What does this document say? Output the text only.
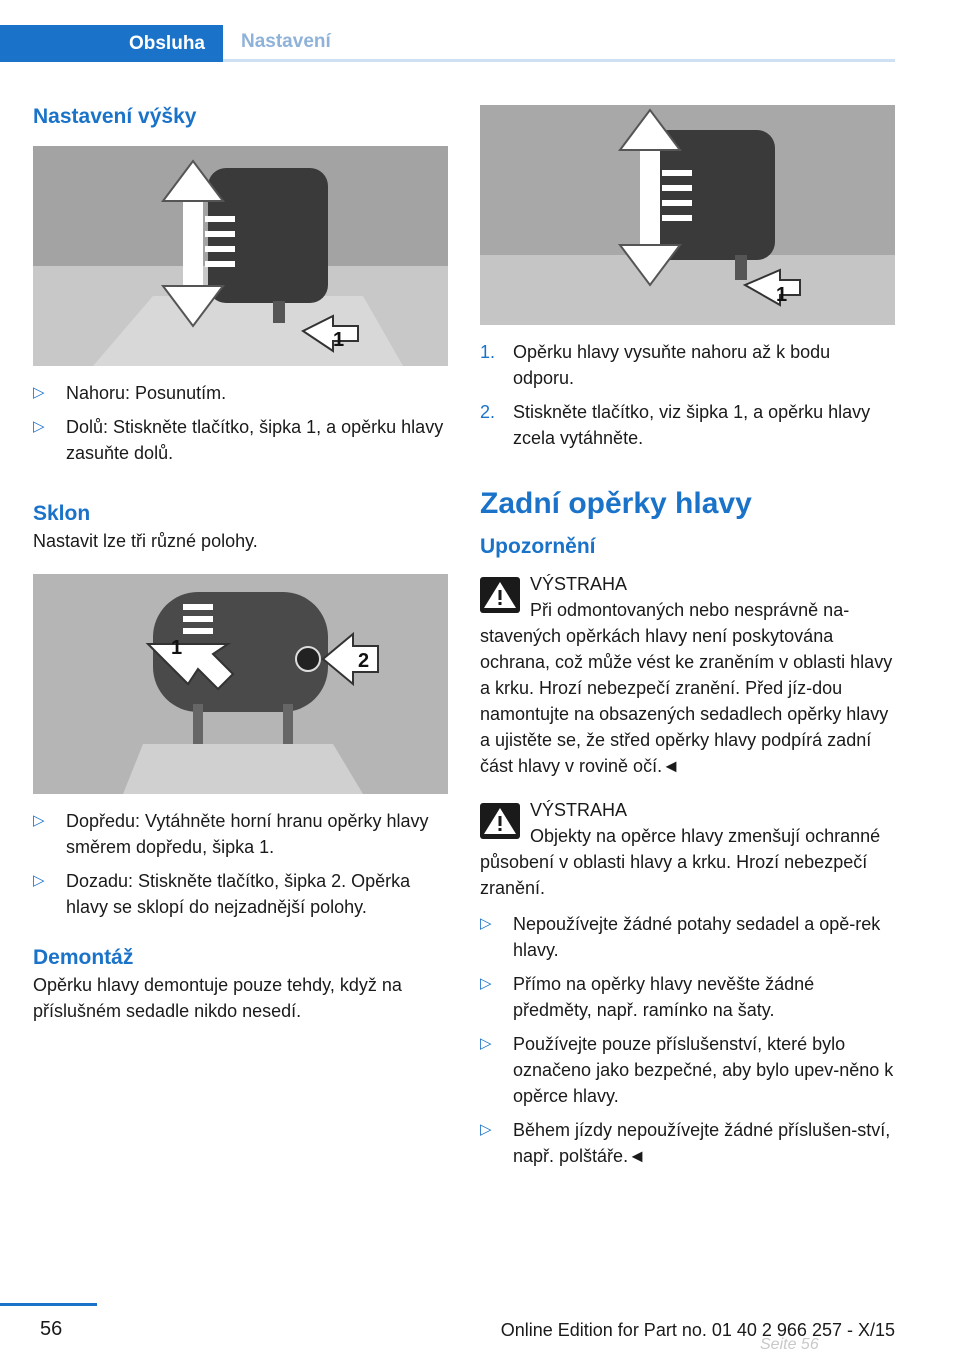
Obsluha	Nastavení
Nastavení výšky
1
▷ Nahoru: Posunutím.
▷ Dolů: Stiskněte tlačítko, šipka 1, a opěrku hlavy zasuňte dolů.
Sklon

Nastavit lze tři různé polohy.

1
2
▷ Dopředu: Vytáhněte horní hranu opěrky hlavy směrem dopředu, šipka 1.
▷ Dozadu: Stiskněte tlačítko, šipka 2. Opěrka hlavy se sklopí do nejzadnější polohy.
Demontáž

Opěrku hlavy demontuje pouze tehdy, když na příslušném sedadle nikdo nesedí.

1
1. Opěrku hlavy vysuňte nahoru až k bodu odporu.
2. Stiskněte tlačítko, viz šipka 1, a opěrku hlavy zcela vytáhněte.
Zadní opěrky hlavy
Upozornění

VÝSTRAHA

Při odmontovaných nebo nesprávně na-stavených opěrkách hlavy není poskytována ochrana, což může vést ke zraněním v oblasti hlavy a krku. Hrozí nebezpečí zranění. Před jíz-dou namontujte na obsazených sedadlech opěrky hlavy a ujistěte se, že střed opěrky hlavy podpírá zadní část hlavy v rovině očí.◄

VÝSTRAHA

Objekty na opěrce hlavy zmenšují ochranné působení v oblasti hlavy a krku. Hrozí nebezpečí zranění.

▷ Nepoužívejte žádné potahy sedadel a opě-rek hlavy.
▷ Přímo na opěrky hlavy nevěšte žádné předměty, např. ramínko na šaty.
▷ Používejte pouze příslušenství, které bylo označeno jako bezpečné, aby bylo upev-něno k opěrce hlavy.
▷ Během jízdy nepoužívejte žádné příslušen-ství, např. polštáře.◄
56	Online Edition for Part no. 01 40 2 966 257 - X/15
Seite 56
